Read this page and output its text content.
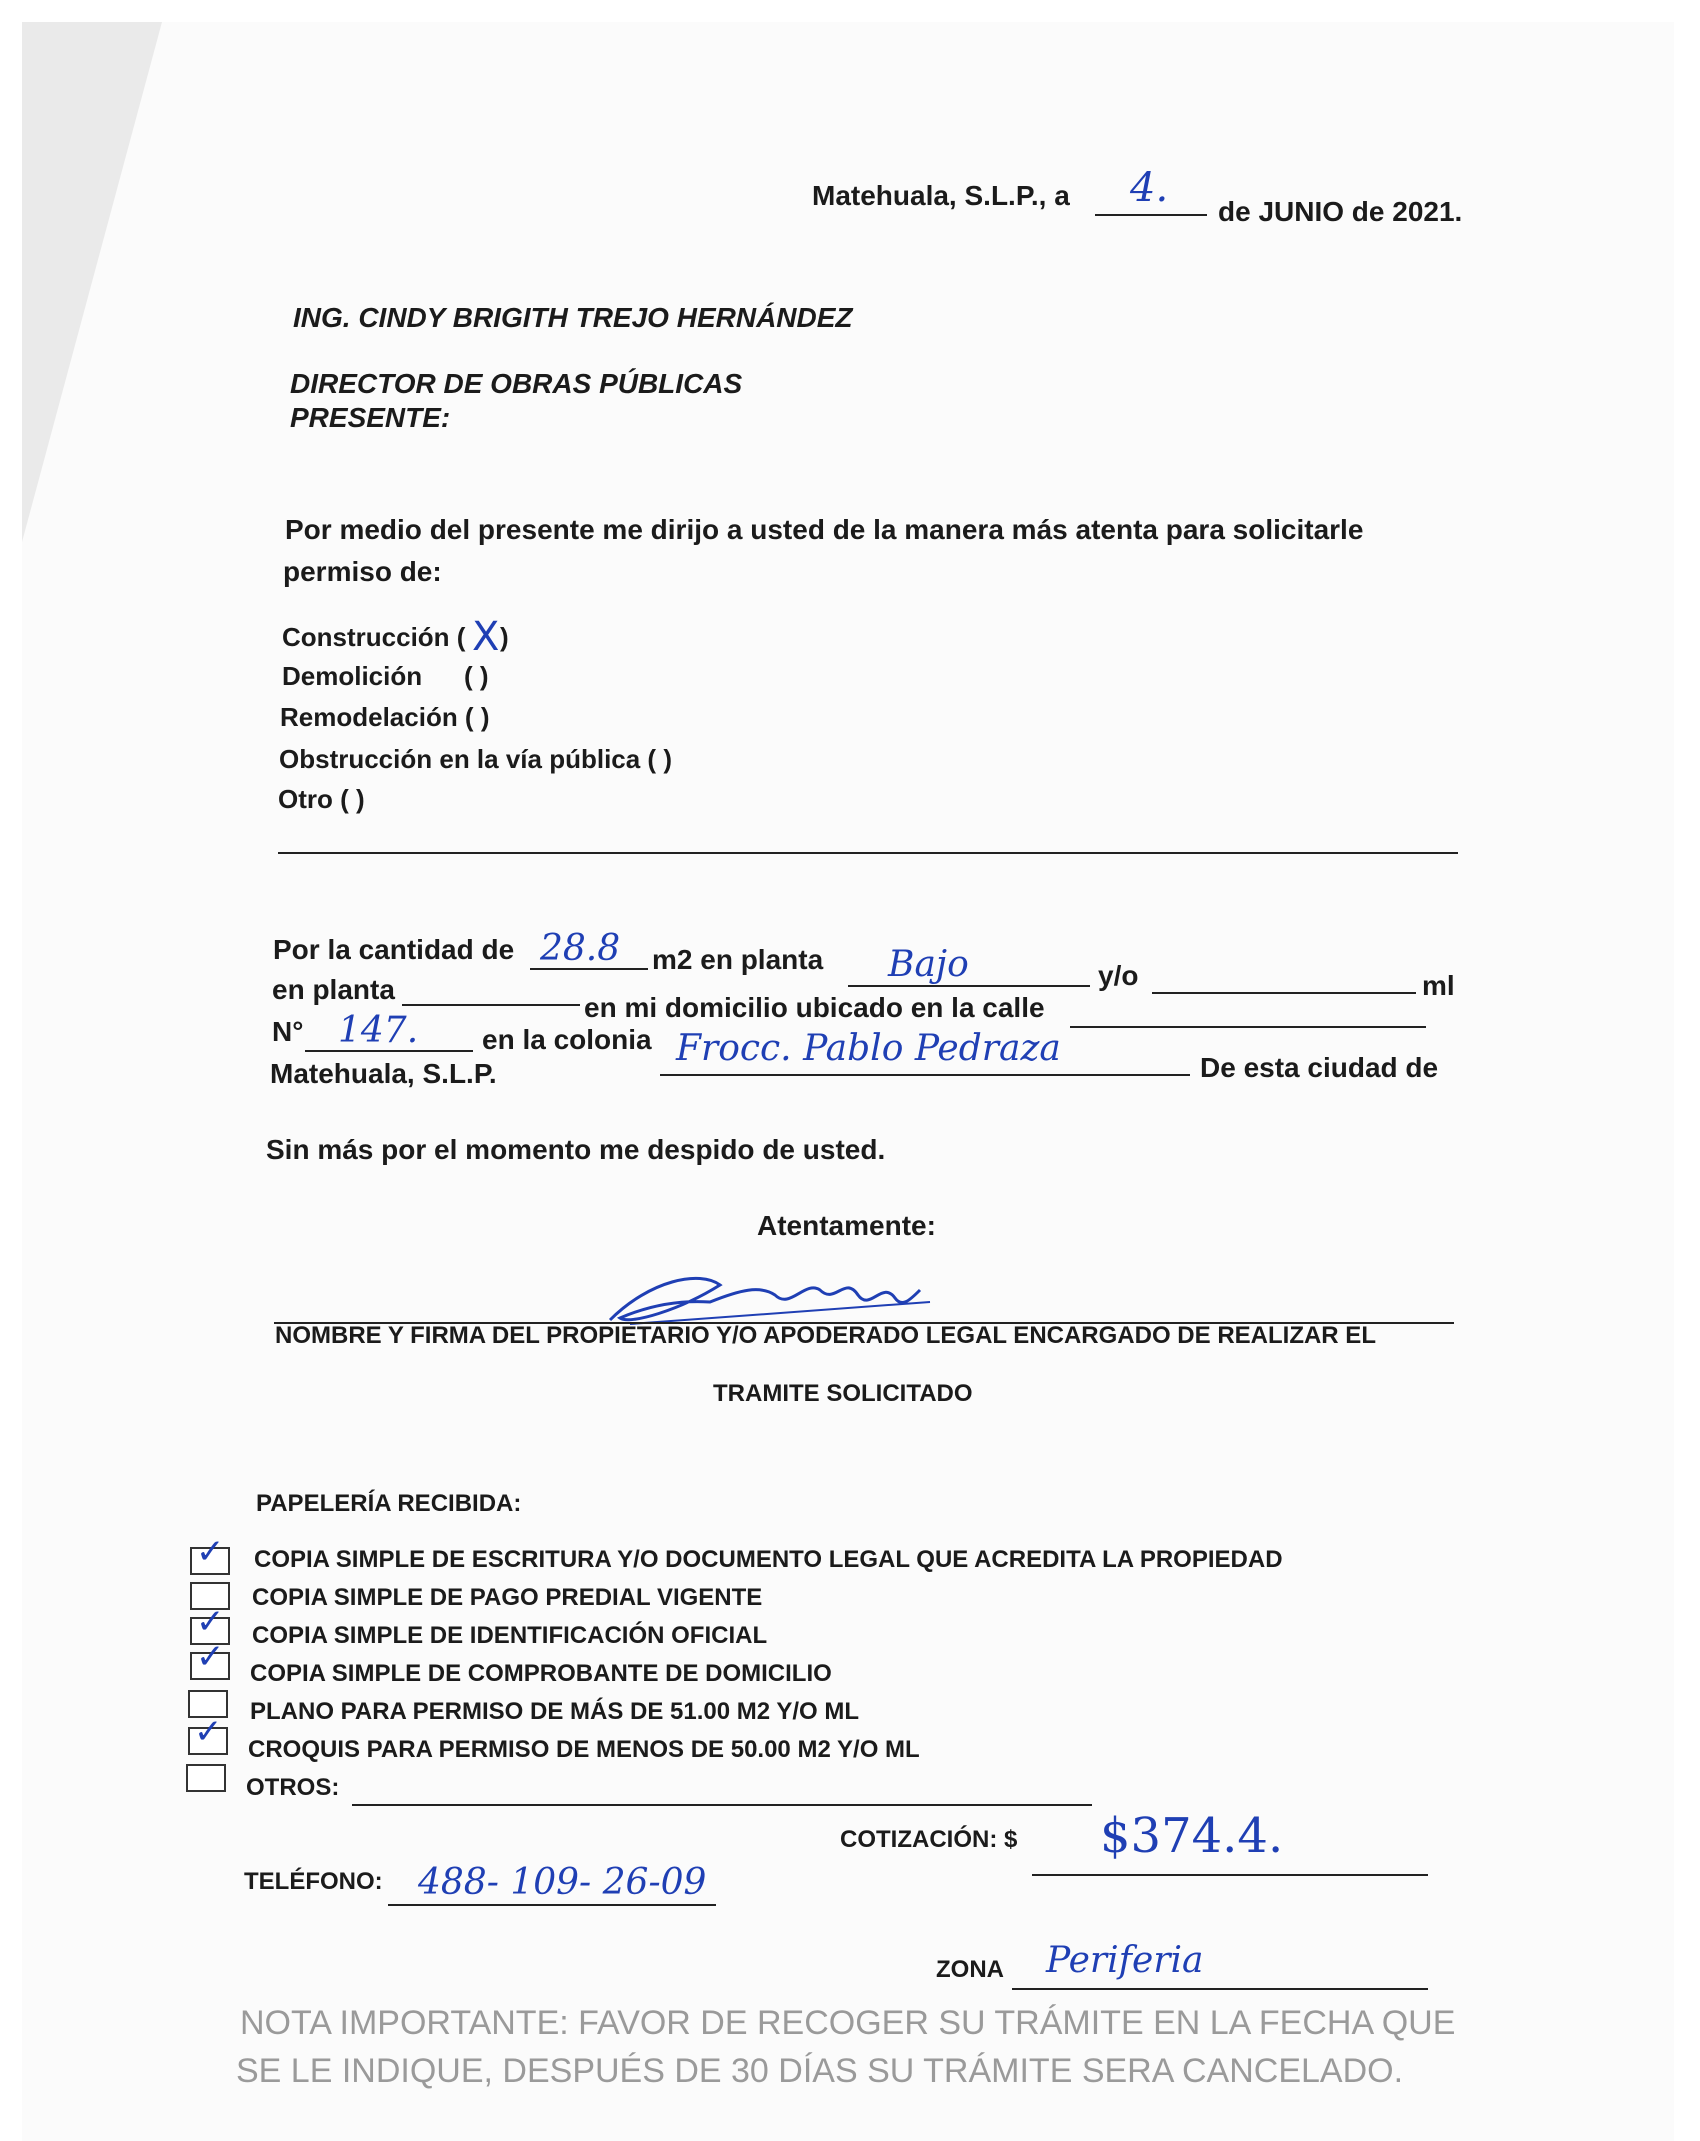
Matehuala, S.L.P., a 4.
de JUNIO de 2021.
ING. CINDY BRIGITH TREJO HERNÁNDEZ
DIRECTOR DE OBRAS PÚBLICAS
PRESENTE:
Por medio del presente me dirijo a usted de la manera más atenta para solicitarle
permiso de:
Construcción ( X )
Demolición ( )
Remodelación ( )
Obstrucción en la vía pública ( )
Otro ( )
Por la cantidad de 28.8 m2 en planta Bajo	y/o	ml
en planta
en mi domicilio ubicado en la calle
N° 147. en la colonia Frocc. Pablo Pedraza	De esta ciudad de
Matehuala, S.L.P.
Sin más por el momento me despido de usted.
Atentamente:
NOMBRE Y FIRMA DEL PROPIETARIO Y/O APODERADO LEGAL ENCARGADO DE REALIZAR EL
TRAMITE SOLICITADO
PAPELERÍA RECIBIDA:
✓ COPIA SIMPLE DE ESCRITURA Y/O DOCUMENTO LEGAL QUE ACREDITA LA PROPIEDAD
COPIA SIMPLE DE PAGO PREDIAL VIGENTE
✓ COPIA SIMPLE DE IDENTIFICACIÓN OFICIAL
✓ COPIA SIMPLE DE COMPROBANTE DE DOMICILIO
PLANO PARA PERMISO DE MÁS DE 51.00 M2 Y/O ML
✓ CROQUIS PARA PERMISO DE MENOS DE 50.00 M2 Y/O ML
OTROS:
COTIZACIÓN: $ $374.4.
TELÉFONO: 488- 109- 26-09
ZONA Periferia
NOTA IMPORTANTE: FAVOR DE RECOGER SU TRÁMITE EN LA FECHA QUE
SE LE INDIQUE, DESPUÉS DE 30 DÍAS SU TRÁMITE SERA CANCELADO.
